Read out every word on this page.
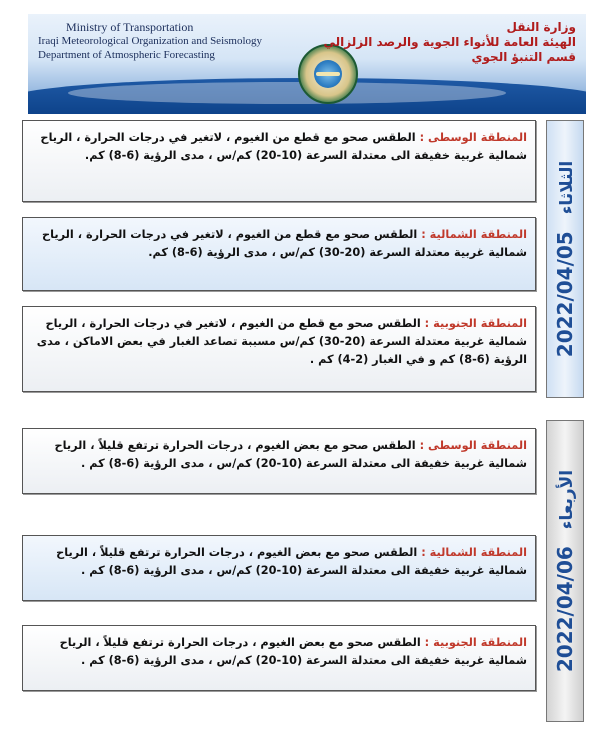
Ministry of Transportation
Iraqi Meteorological Organization and Seismology
Department of Atmospheric Forecasting
وزارة النقل
الهيئة العامة للأنواء الجوية والرصد الزلزالي
قسم التنبؤ الجوي
المنطقة الوسطى : الطقس صحو مع قطع من الغيوم ، لاتغير في درجات الحرارة ، الرياح شمالية غربية خفيفة الى معتدلة السرعة (10-20) كم/س ، مدى الرؤية (6-8) كم.
المنطقة الشمالية : الطقس صحو مع قطع من الغيوم ، لاتغير في درجات الحرارة ، الرياح شمالية غربية معتدلة السرعة (20-30) كم/س ، مدى الرؤية (6-8) كم.
المنطقة الجنوبية : الطقس صحو مع قطع من الغيوم ، لاتغير في درجات الحرارة ، الرياح شمالية غربية معتدلة السرعة (20-30) كم/س مسببة تصاعد الغبار في بعض الاماكن ، مدى الرؤية (6-8) كم و في الغبار (2-4) كم .
2022/04/05 الثلاثاء
المنطقة الوسطى : الطقس صحو مع بعض الغيوم ، درجات الحرارة ترتفع قليلاً ، الرياح شمالية غربية خفيفة الى معتدلة السرعة (10-20) كم/س ، مدى الرؤية (6-8) كم .
المنطقة الشمالية : الطقس صحو مع بعض الغيوم ، درجات الحرارة ترتفع قليلاً ، الرياح شمالية غربية خفيفة الى معتدلة السرعة (10-20) كم/س ، مدى الرؤية (6-8) كم .
المنطقة الجنوبية : الطقس صحو مع بعض الغيوم ، درجات الحرارة ترتفع قليلاً ، الرياح شمالية غربية خفيفة الى معتدلة السرعة (10-20) كم/س ، مدى الرؤية (6-8) كم .	2022/04/06 الأربعاء
